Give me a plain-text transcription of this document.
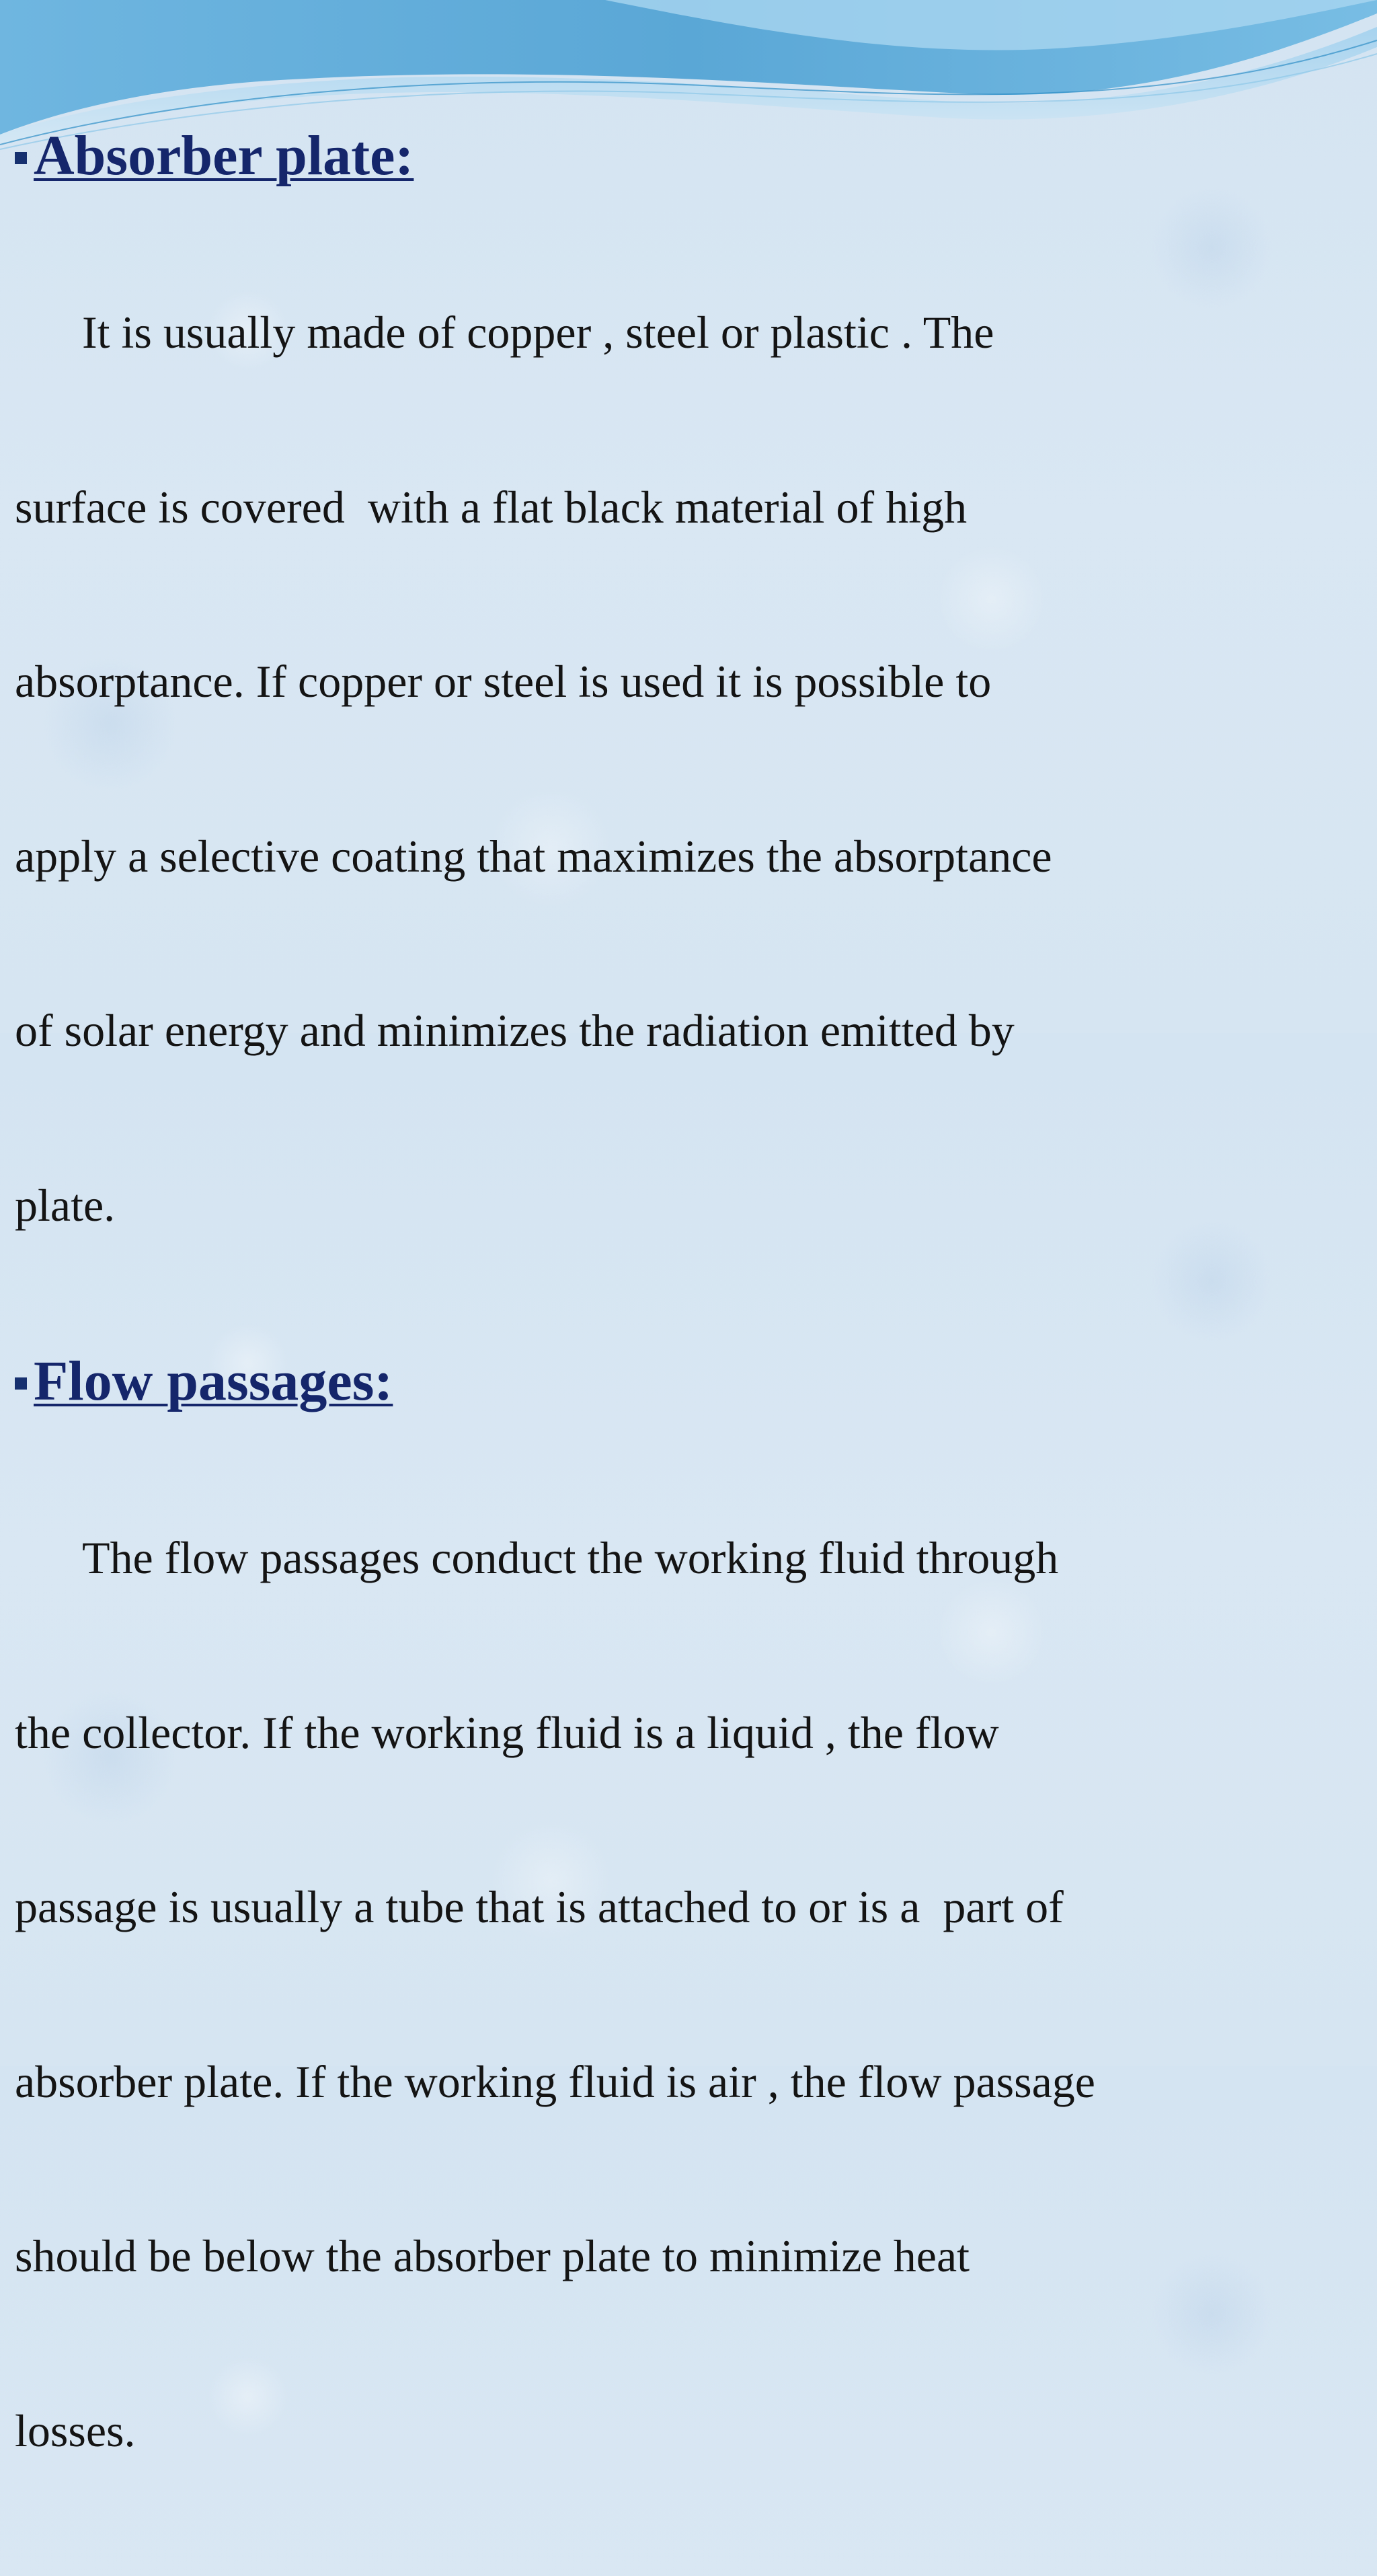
Absorber plate:

It is usually made of copper , steel or plastic . The

surface is covered  with a flat black material of high

absorptance. If copper or steel is used it is possible to

apply a selective coating that maximizes the absorptance

of solar energy and minimizes the radiation emitted by

plate.

Flow passages:

The flow passages conduct the working fluid through

the collector. If the working fluid is a liquid , the flow

passage is usually a tube that is attached to or is a  part of

absorber plate. If the working fluid is air , the flow passage

should be below the absorber plate to minimize heat

losses.
